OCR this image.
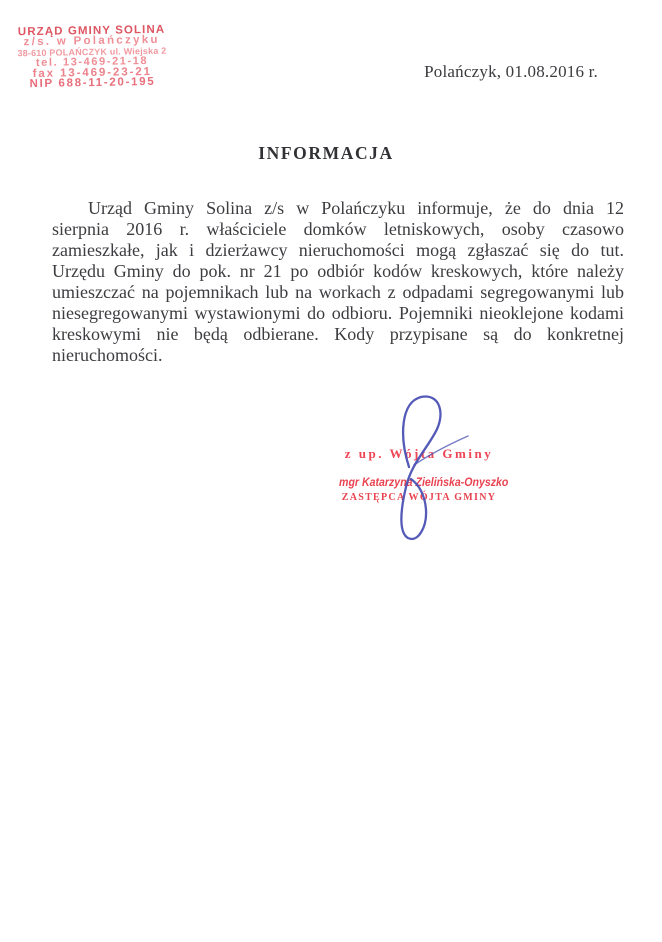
URZĄD GMINY SOLINA
z/s. w Polańczyku
38-610 POLAŃCZYK ul. Wiejska 2
tel. 13-469-21-18
fax 13-469-23-21
NIP 688-11-20-195
Polańczyk, 01.08.2016 r.
INFORMACJA
Urząd Gminy Solina z/s w Polańczyku informuje, że do dnia 12 sierpnia 2016 r. właściciele domków letniskowych, osoby czasowo zamieszkałe, jak i dzierżawcy nieruchomości mogą zgłaszać się do tut. Urzędu Gminy do pok. nr 21 po odbiór kodów kreskowych, które należy umieszczać na pojemnikach lub na workach z odpadami segregowanymi lub niesegregowanymi wystawionymi do odbioru. Pojemniki nieoklejone kodami kreskowymi nie będą odbierane. Kody przypisane są do konkretnej nieruchomości.
z up. Wójta Gminy
mgr Katarzyna Zielińska-Onyszko
ZASTĘPCA WÓJTA GMINY
